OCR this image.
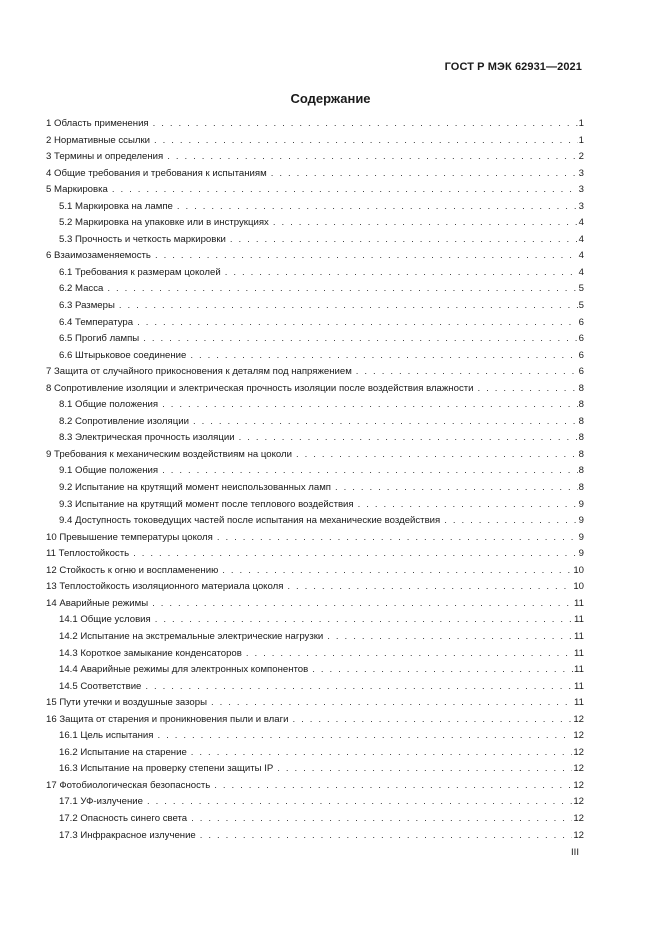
ГОСТ Р МЭК 62931—2021
Содержание
1 Область применения . . .	1
2 Нормативные ссылки . . .	1
3 Термины и определения . . .	2
4 Общие требования и требования к испытаниям . . .	3
5 Маркировка . . .	3
5.1 Маркировка на лампе . . .	3
5.2 Маркировка на упаковке или в инструкциях . . .	4
5.3 Прочность и четкость маркировки . . .	4
6 Взаимозаменяемость . . .	4
6.1 Требования к размерам цоколей . . .	4
6.2 Масса . . .	5
6.3 Размеры . . .	5
6.4 Температура . . .	6
6.5 Прогиб лампы . . .	6
6.6 Штырьковое соединение . . .	6
7 Защита от случайного прикосновения к деталям под напряжением . . .	6
8 Сопротивление изоляции и электрическая прочность изоляции после воздействия влажности . . .	8
8.1 Общие положения . . .	8
8.2 Сопротивление изоляции . . .	8
8.3 Электрическая прочность изоляции . . .	8
9 Требования к механическим воздействиям на цоколи . . .	8
9.1 Общие положения . . .	8
9.2 Испытание на крутящий момент неиспользованных ламп . . .	8
9.3 Испытание на крутящий момент после теплового воздействия . . .	9
9.4 Доступность токоведущих частей после испытания на механические воздействия . . .	9
10 Превышение температуры цоколя . . .	9
11 Теплостойкость . . .	9
12 Стойкость к огню и воспламенению . . .	10
13 Теплостойкость изоляционного материала цоколя . . .	10
14 Аварийные режимы . . .	11
14.1 Общие условия . . .	11
14.2 Испытание на экстремальные электрические нагрузки . . .	11
14.3 Короткое замыкание конденсаторов . . .	11
14.4 Аварийные режимы для электронных компонентов . . .	11
14.5 Соответствие . . .	11
15 Пути утечки и воздушные зазоры . . .	11
16 Защита от старения и проникновения пыли и влаги . . .	12
16.1 Цель испытания . . .	12
16.2 Испытание на старение . . .	12
16.3 Испытание на проверку степени защиты IP . . .	12
17 Фотобиологическая безопасность . . .	12
17.1 УФ-излучение . . .	12
17.2 Опасность синего света . . .	12
17.3 Инфракрасное излучение . . .	12
III
